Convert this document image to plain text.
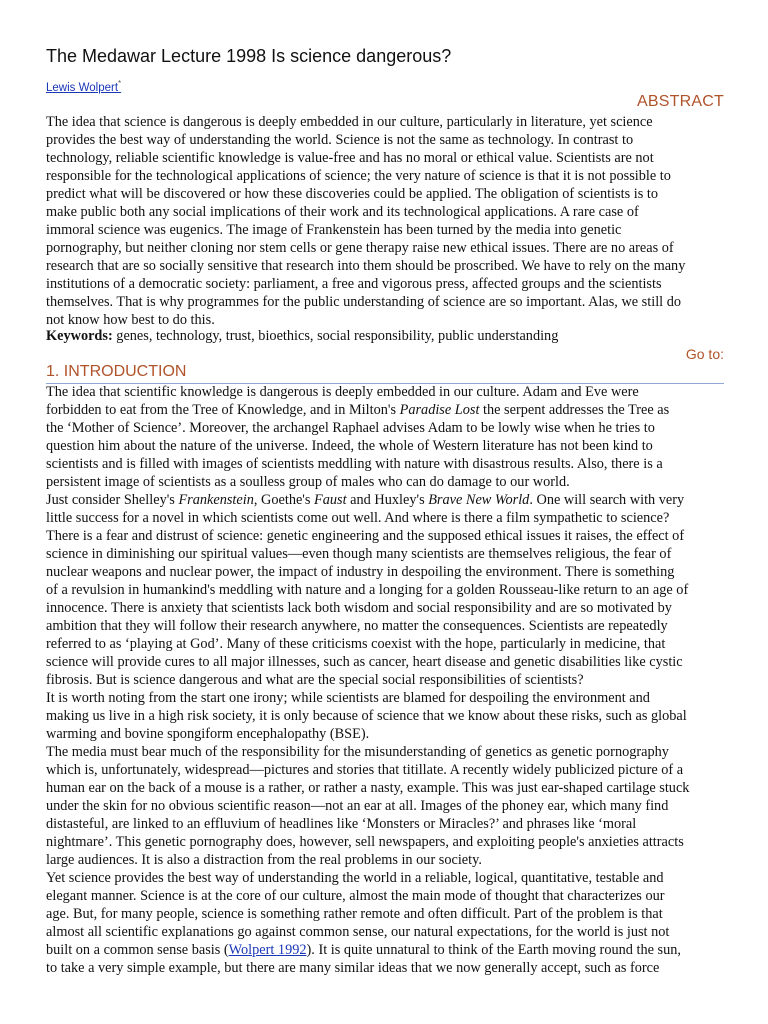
The Medawar Lecture 1998 Is science dangerous?
Lewis Wolpert*
ABSTRACT
The idea that science is dangerous is deeply embedded in our culture, particularly in literature, yet science
provides the best way of understanding the world. Science is not the same as technology. In contrast to
technology, reliable scientific knowledge is value-free and has no moral or ethical value. Scientists are not
responsible for the technological applications of science; the very nature of science is that it is not possible to
predict what will be discovered or how these discoveries could be applied. The obligation of scientists is to
make public both any social implications of their work and its technological applications. A rare case of
immoral science was eugenics. The image of Frankenstein has been turned by the media into genetic
pornography, but neither cloning nor stem cells or gene therapy raise new ethical issues. There are no areas of
research that are so socially sensitive that research into them should be proscribed. We have to rely on the many
institutions of a democratic society: parliament, a free and vigorous press, affected groups and the scientists
themselves. That is why programmes for the public understanding of science are so important. Alas, we still do
not know how best to do this.
Keywords: genes, technology, trust, bioethics, social responsibility, public understanding
Go to:
1. INTRODUCTION
The idea that scientific knowledge is dangerous is deeply embedded in our culture. Adam and Eve were
forbidden to eat from the Tree of Knowledge, and in Milton's Paradise Lost the serpent addresses the Tree as
the ‘Mother of Science’. Moreover, the archangel Raphael advises Adam to be lowly wise when he tries to
question him about the nature of the universe. Indeed, the whole of Western literature has not been kind to
scientists and is filled with images of scientists meddling with nature with disastrous results. Also, there is a
persistent image of scientists as a soulless group of males who can do damage to our world.
Just consider Shelley's Frankenstein, Goethe's Faust and Huxley's Brave New World. One will search with very
little success for a novel in which scientists come out well. And where is there a film sympathetic to science?
There is a fear and distrust of science: genetic engineering and the supposed ethical issues it raises, the effect of
science in diminishing our spiritual values—even though many scientists are themselves religious, the fear of
nuclear weapons and nuclear power, the impact of industry in despoiling the environment. There is something
of a revulsion in humankind's meddling with nature and a longing for a golden Rousseau-like return to an age of
innocence. There is anxiety that scientists lack both wisdom and social responsibility and are so motivated by
ambition that they will follow their research anywhere, no matter the consequences. Scientists are repeatedly
referred to as ‘playing at God’. Many of these criticisms coexist with the hope, particularly in medicine, that
science will provide cures to all major illnesses, such as cancer, heart disease and genetic disabilities like cystic
fibrosis. But is science dangerous and what are the special social responsibilities of scientists?
It is worth noting from the start one irony; while scientists are blamed for despoiling the environment and
making us live in a high risk society, it is only because of science that we know about these risks, such as global
warming and bovine spongiform encephalopathy (BSE).
The media must bear much of the responsibility for the misunderstanding of genetics as genetic pornography
which is, unfortunately, widespread—pictures and stories that titillate. A recently widely publicized picture of a
human ear on the back of a mouse is a rather, or rather a nasty, example. This was just ear-shaped cartilage stuck
under the skin for no obvious scientific reason—not an ear at all. Images of the phoney ear, which many find
distasteful, are linked to an effluvium of headlines like ‘Monsters or Miracles?’ and phrases like ‘moral
nightmare’. This genetic pornography does, however, sell newspapers, and exploiting people's anxieties attracts
large audiences. It is also a distraction from the real problems in our society.
Yet science provides the best way of understanding the world in a reliable, logical, quantitative, testable and
elegant manner. Science is at the core of our culture, almost the main mode of thought that characterizes our
age. But, for many people, science is something rather remote and often difficult. Part of the problem is that
almost all scientific explanations go against common sense, our natural expectations, for the world is just not
built on a common sense basis (Wolpert 1992). It is quite unnatural to think of the Earth moving round the sun,
to take a very simple example, but there are many similar ideas that we now generally accept, such as force
